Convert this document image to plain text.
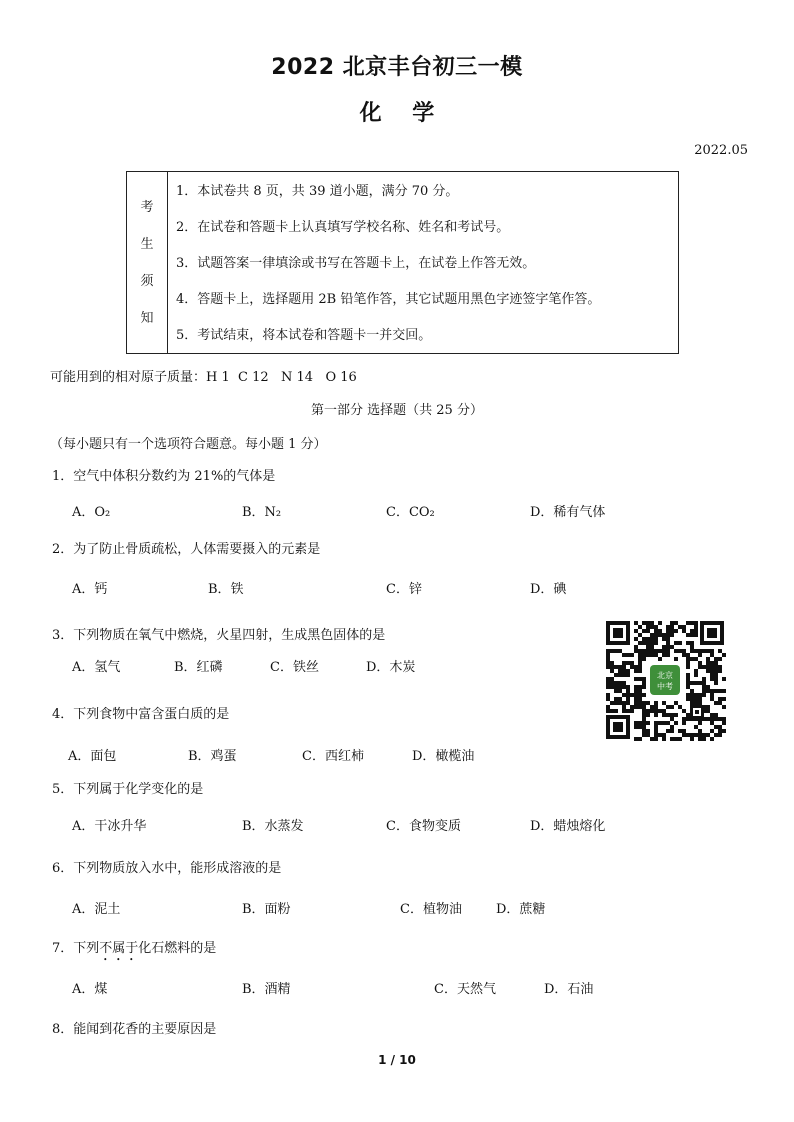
2022 北京丰台初三一模
化    学
2022.05
考
生
须
知
1．本试卷共 8 页，共 39 道小题，满分 70 分。
2．在试卷和答题卡上认真填写学校名称、姓名和考试号。
3．试题答案一律填涂或书写在答题卡上，在试卷上作答无效。
4．答题卡上，选择题用 2B 铅笔作答，其它试题用黑色字迹签字笔作答。
5．考试结束，将本试卷和答题卡一并交回。
可能用到的相对原子质量：H 1  C 12   N 14   O 16
第一部分 选择题（共 25 分）
（每小题只有一个选项符合题意。每小题 1 分）
1．空气中体积分数约为 21%的气体是
A．O₂	B．N₂	C．CO₂	D．稀有气体
2．为了防止骨质疏松，人体需要摄入的元素是
A．钙	B．铁	C．锌	D．碘
3．下列物质在氧气中燃烧，火星四射，生成黑色固体的是
A．氢气	B．红磷	C．铁丝	D．木炭
北京
中考
4．下列食物中富含蛋白质的是
A．面包	B．鸡蛋	C．西红柿	D．橄榄油
5．下列属于化学变化的是
A．干冰升华	B．水蒸发	C．食物变质	D．蜡烛熔化
6．下列物质放入水中，能形成溶液的是
A．泥土	B．面粉	C．植物油	D．蔗糖
7．下列不属于化石燃料的是
A．煤	B．酒精	C．天然气	D．石油
8．能闻到花香的主要原因是
1 / 10
